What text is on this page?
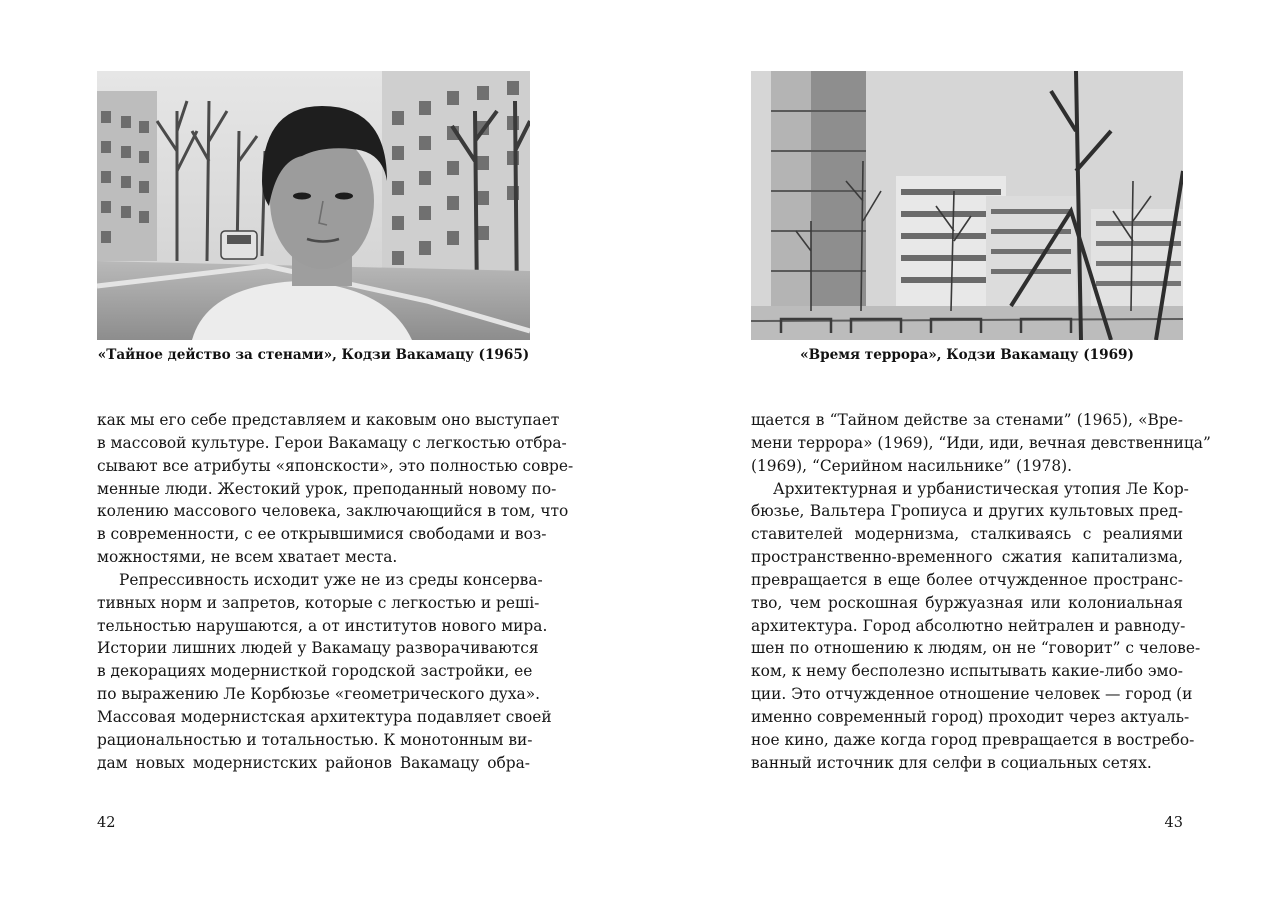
«Тайное действо за стенами», Кодзи Вакамацу (1965)
как мы его себе представляем и каковым оно выступает
в массовой культуре. Герои Вакамацу с легкостью отбра-
сывают все атрибуты «японскости», это полностью совре-
менные люди. Жестокий урок, преподанный новому по-
колению массового человека, заключающийся в том, что
в современности, с ее открывшимися свободами и воз-
можностями, не всем хватает места.
Репрессивность исходит уже не из среды консерва-
тивных норм и запретов, которые с легкостью и решi-
тельностью нарушаются, а от институтов нового мира.
Истории лишних людей у Вакамацу разворачиваются
в декорациях модернисткой городской застройки, ее
по выражению Ле Корбюзье «геометрического духа».
Массовая модернистская архитектура подавляет своей
рациональностью и тотальностью. К монотонным ви-
дам новых модернистских районов Вакамацу обра-
42
«Время террора», Кодзи Вакамацу (1969)
щается в “Тайном действе за стенами” (1965), «Вре-
мени террора» (1969), “Иди, иди, вечная девственница”
(1969), “Серийном насильнике” (1978).
Архитектурная и урбанистическая утопия Ле Кор-
бюзье, Вальтера Гропиуса и других культовых пред-
ставителей модернизма, сталкиваясь с реалиями
пространственно-временного сжатия капитализма,
превращается в еще более отчужденное пространс-
тво, чем роскошная буржуазная или колониальная
архитектура. Город абсолютно нейтрален и равноду-
шен по отношению к людям, он не “говорит” с челове-
ком, к нему бесполезно испытывать какие-либо эмо-
ции. Это отчужденное отношение человек — город (и
именно современный город) проходит через актуаль-
ное кино, даже когда город превращается в востребо-
ванный источник для селфи в социальных сетях.
43
